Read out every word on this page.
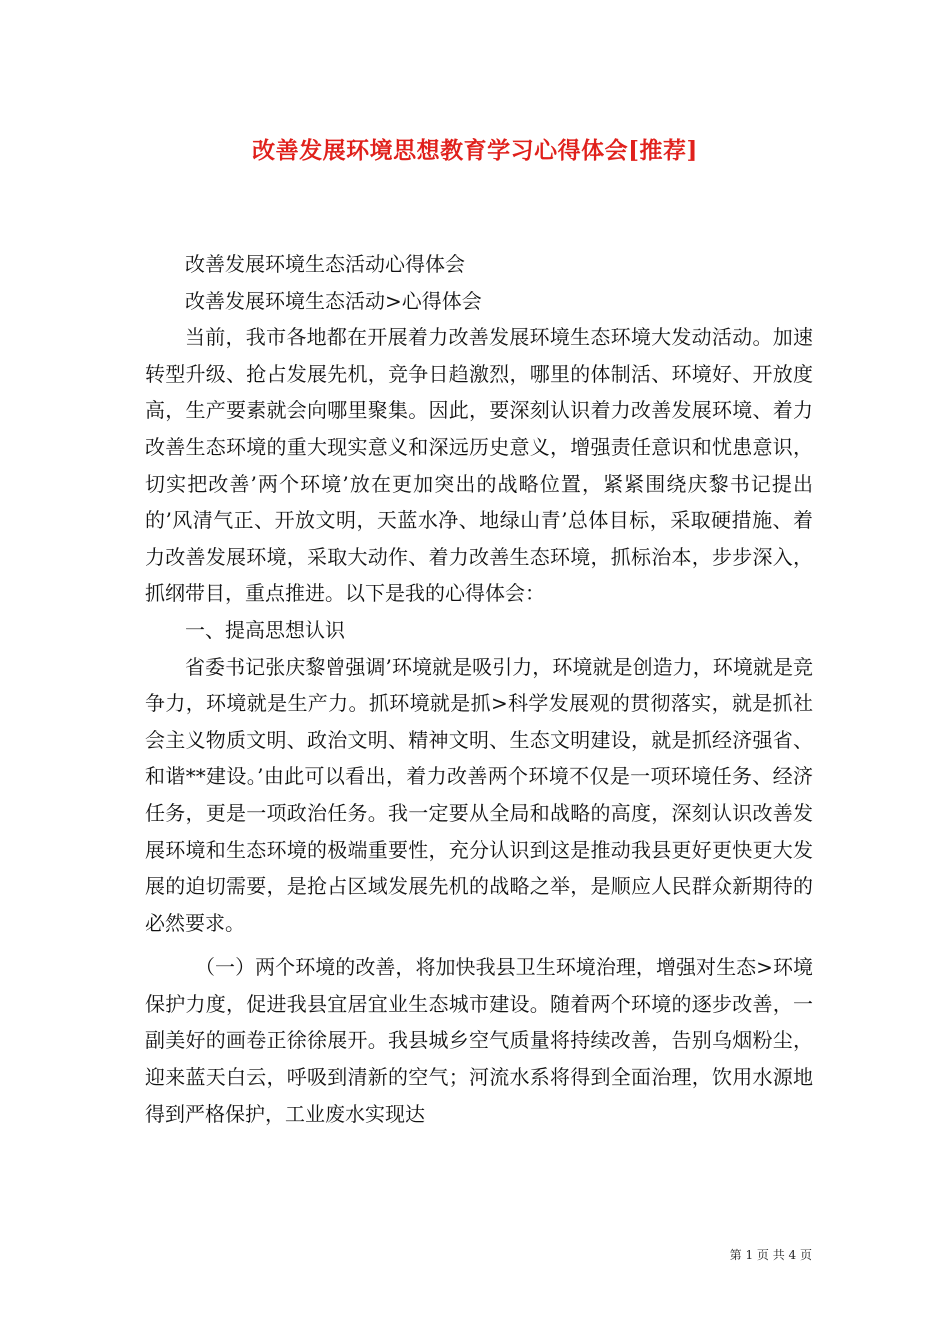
改善发展环境思想教育学习心得体会[推荐]

改善发展环境生态活动心得体会

改善发展环境生态活动>心得体会

当前，我市各地都在开展着力改善发展环境生态环境大发动活动。加速转型升级、抢占发展先机，竞争日趋激烈，哪里的体制活、环境好、开放度高，生产要素就会向哪里聚集。因此，要深刻认识着力改善发展环境、着力改善生态环境的重大现实意义和深远历史意义，增强责任意识和忧患意识，切实把改善’两个环境’放在更加突出的战略位置，紧紧围绕庆黎书记提出的’风清气正、开放文明，天蓝水净、地绿山青’总体目标，采取硬措施、着力改善发展环境，采取大动作、着力改善生态环境，抓标治本，步步深入，抓纲带目，重点推进。以下是我的心得体会：

一、提高思想认识

省委书记张庆黎曾强调’环境就是吸引力，环境就是创造力，环境就是竞争力，环境就是生产力。抓环境就是抓>科学发展观的贯彻落实，就是抓社会主义物质文明、政治文明、精神文明、生态文明建设，就是抓经济强省、和谐**建设。’由此可以看出，着力改善两个环境不仅是一项环境任务、经济任务，更是一项政治任务。我一定要从全局和战略的高度，深刻认识改善发展环境和生态环境的极端重要性，充分认识到这是推动我县更好更快更大发展的迫切需要，是抢占区域发展先机的战略之举，是顺应人民群众新期待的必然要求。

（一）两个环境的改善，将加快我县卫生环境治理，增强对生态>环境保护力度，促进我县宜居宜业生态城市建设。随着两个环境的逐步改善，一副美好的画卷正徐徐展开。我县城乡空气质量将持续改善，告别乌烟粉尘，迎来蓝天白云，呼吸到清新的空气；河流水系将得到全面治理，饮用水源地得到严格保护，工业废水实现达

第 1 页 共 4 页
